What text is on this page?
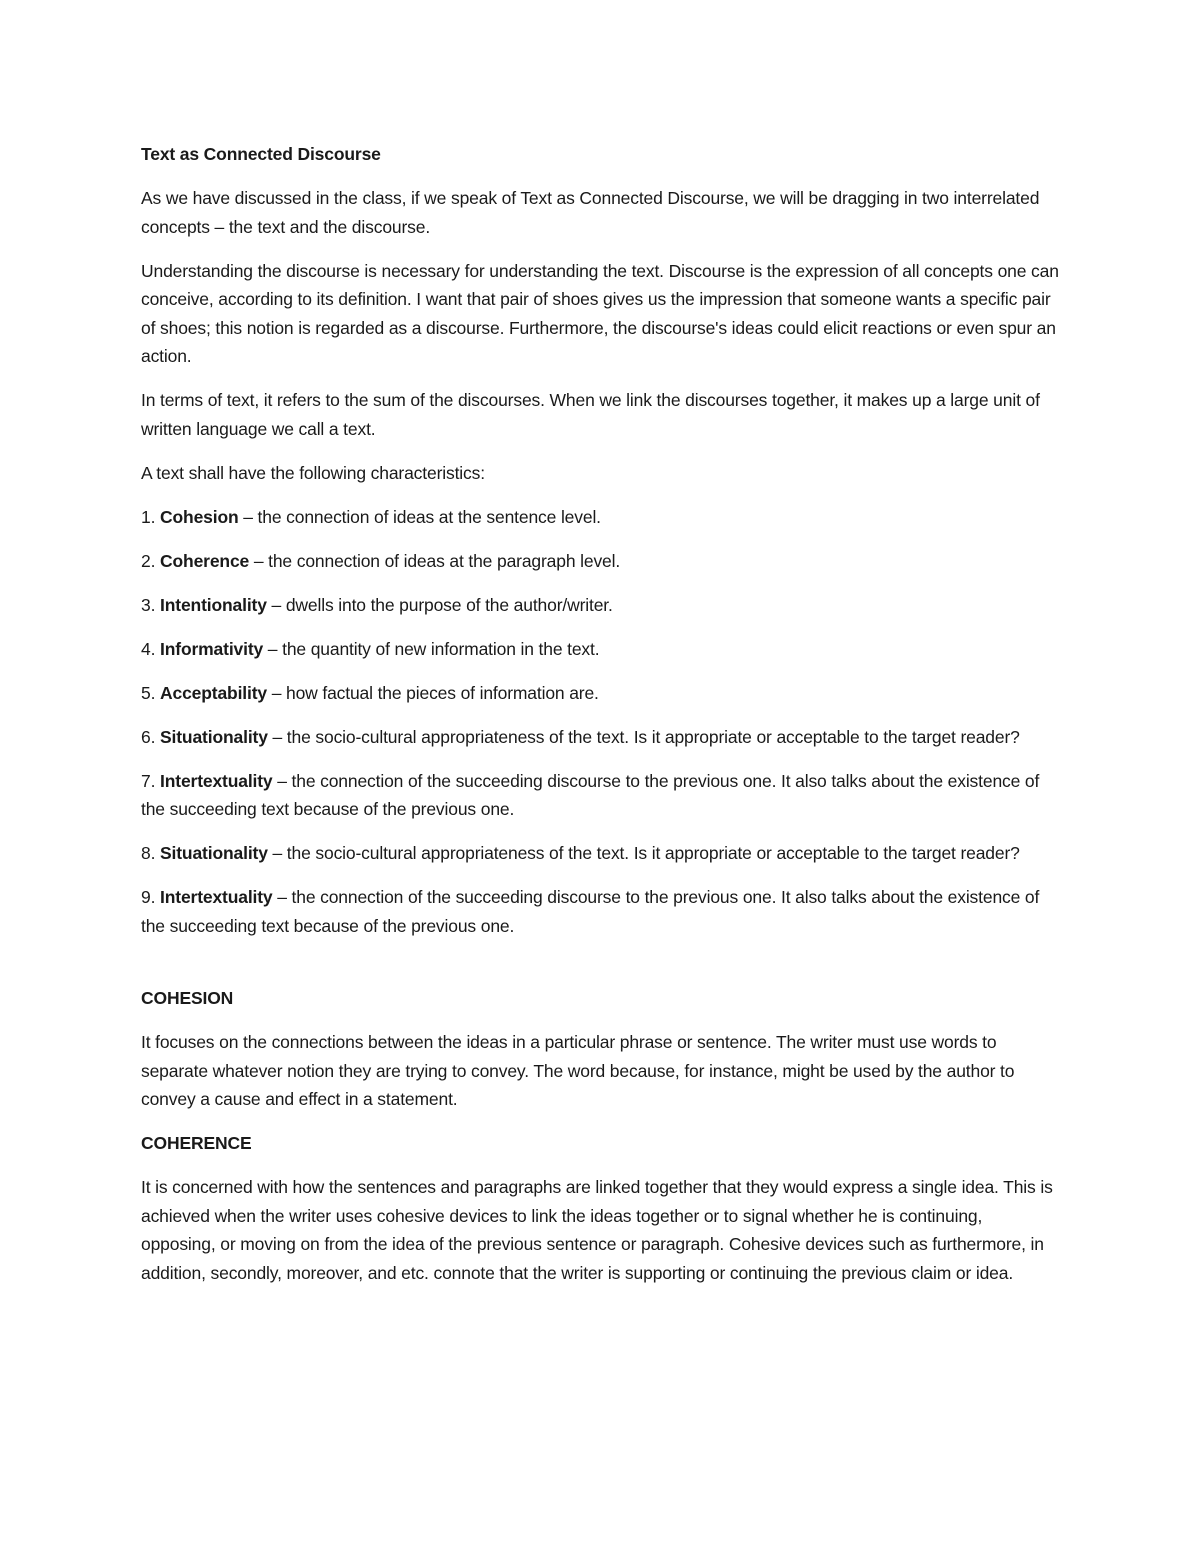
Text as Connected Discourse

As we have discussed in the class, if we speak of Text as Connected Discourse, we will be dragging in two interrelated concepts – the text and the discourse.

Understanding the discourse is necessary for understanding the text. Discourse is the expression of all concepts one can conceive, according to its definition. I want that pair of shoes gives us the impression that someone wants a specific pair of shoes; this notion is regarded as a discourse. Furthermore, the discourse's ideas could elicit reactions or even spur an action.

In terms of text, it refers to the sum of the discourses. When we link the discourses together, it makes up a large unit of written language we call a text.

A text shall have the following characteristics:

1. Cohesion – the connection of ideas at the sentence level.

2. Coherence – the connection of ideas at the paragraph level.

3. Intentionality – dwells into the purpose of the author/writer.

4. Informativity – the quantity of new information in the text.

5. Acceptability – how factual the pieces of information are.

6. Situationality – the socio-cultural appropriateness of the text. Is it appropriate or acceptable to the target reader?

7. Intertextuality – the connection of the succeeding discourse to the previous one. It also talks about the existence of the succeeding text because of the previous one.

8. Situationality – the socio-cultural appropriateness of the text. Is it appropriate or acceptable to the target reader?

9. Intertextuality – the connection of the succeeding discourse to the previous one. It also talks about the existence of the succeeding text because of the previous one.

COHESION

It focuses on the connections between the ideas in a particular phrase or sentence. The writer must use words to separate whatever notion they are trying to convey. The word because, for instance, might be used by the author to convey a cause and effect in a statement.

COHERENCE

It is concerned with how the sentences and paragraphs are linked together that they would express a single idea. This is achieved when the writer uses cohesive devices to link the ideas together or to signal whether he is continuing, opposing, or moving on from the idea of the previous sentence or paragraph. Cohesive devices such as furthermore, in addition, secondly, moreover, and etc. connote that the writer is supporting or continuing the previous claim or idea.
